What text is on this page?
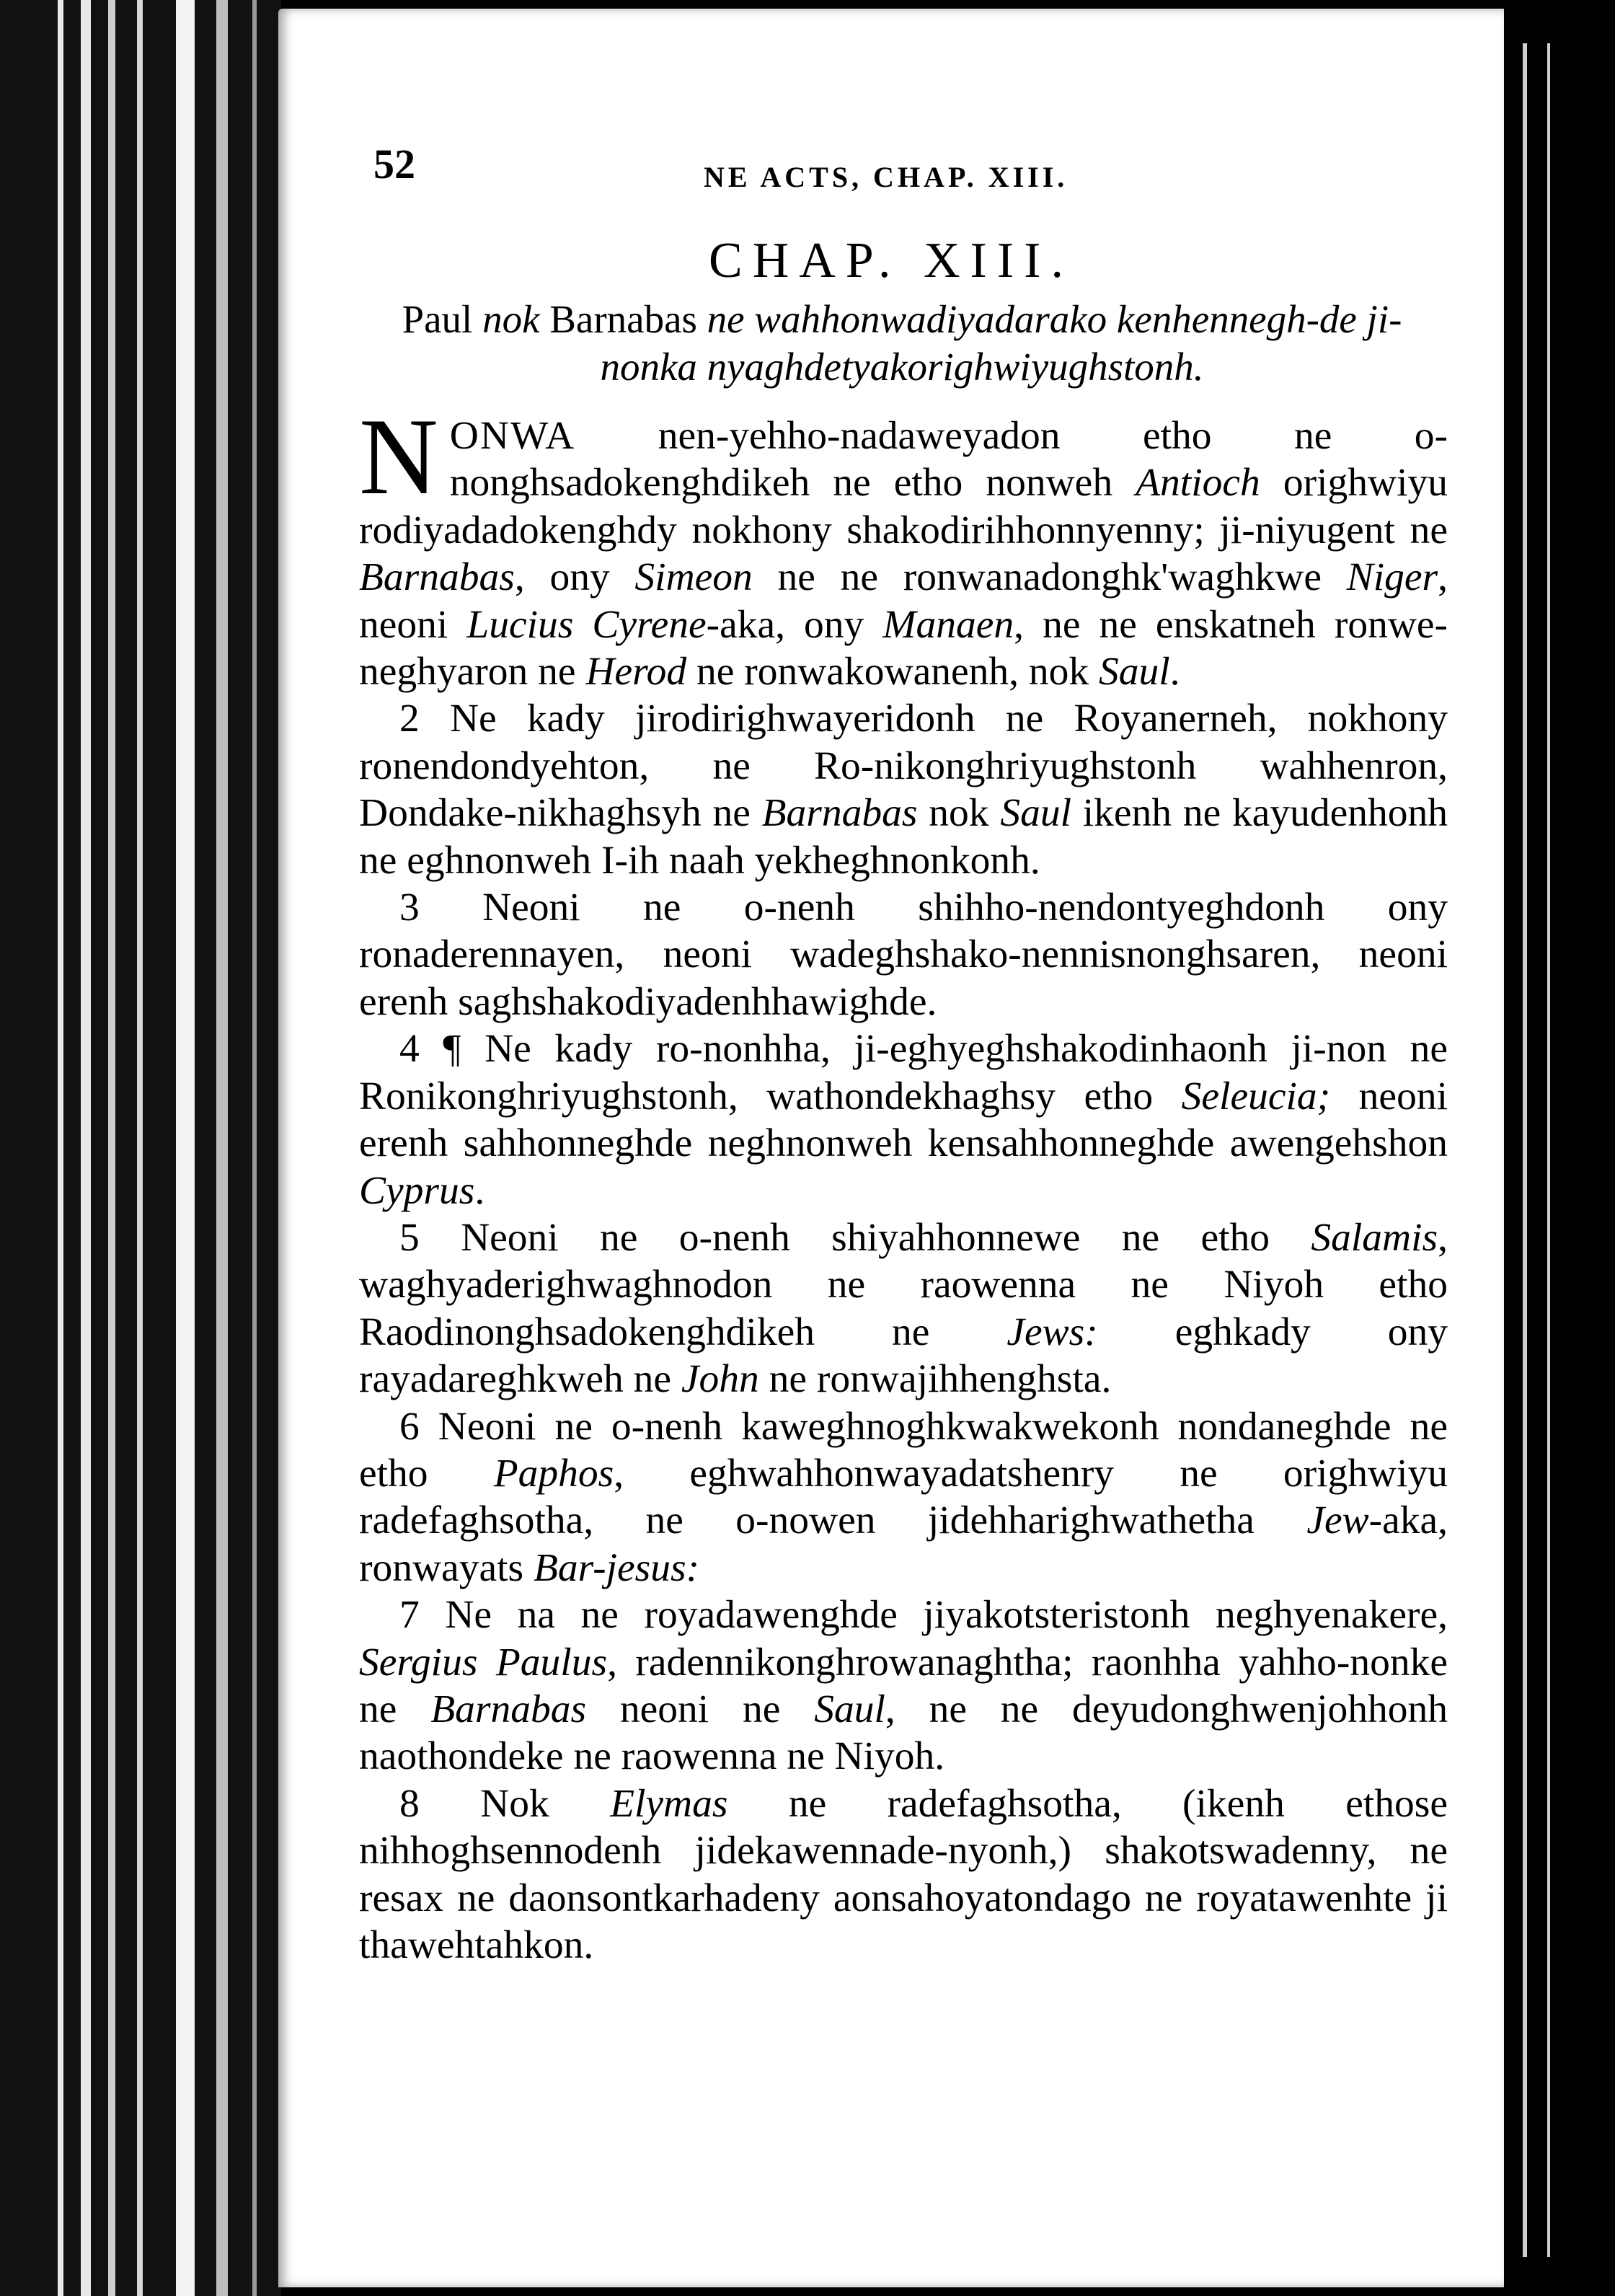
52	NE ACTS, CHAP. XIII.
CHAP. XIII.
Paul nok Barnabas ne wahhonwadiyadarako kenhennegh-de ji-nonka nyaghdetyakorighwiyughstonh.

NONWA nen-yehho-nadaweyadon etho ne o-nonghsadokenghdikeh ne etho nonweh Antioch orighwiyu rodiyadadokenghdy nokhony shakodirihhonnyenny; ji-niyugent ne Barnabas, ony Simeon ne ne ronwanadonghk'waghkwe Niger, neoni Lucius Cyrene-aka, ony Manaen, ne ne enskatneh ronwe-neghyaron ne Herod ne ronwakowanenh, nok Saul.

2 Ne kady jirodirighwayeridonh ne Royanerneh, nokhony ronendondyehton, ne Ro-nikonghriyughstonh wahhenron, Dondake-nikhaghsyh ne Barnabas nok Saul ikenh ne kayudenhonh ne eghnonweh I-ih naah yekheghnonkonh.

3 Neoni ne o-nenh shihho-nendontyeghdonh ony ronaderennayen, neoni wadeghshako-nennisnonghsaren, neoni erenh saghshakodiyadenhhawighde.

4 ¶ Ne kady ro-nonhha, ji-eghyeghshakodinhaonh ji-non ne Ronikonghriyughstonh, wathondekhaghsy etho Seleucia; neoni erenh sahhonneghde neghnonweh kensahhonneghde awengehshon Cyprus.

5 Neoni ne o-nenh shiyahhonnewe ne etho Salamis, waghyaderighwaghnodon ne raowenna ne Niyoh etho Raodinonghsadokenghdikeh ne Jews: eghkady ony rayadareghkweh ne John ne ronwajihhenghsta.

6 Neoni ne o-nenh kaweghnoghkwakwekonh nondaneghde ne etho Paphos, eghwahhonwayadatshenry ne orighwiyu radefaghsotha, ne o-nowen jidehharighwathetha Jew-aka, ronwayats Bar-jesus:

7 Ne na ne royadawenghde jiyakotsteristonh neghyenakere, Sergius Paulus, radennikonghrowanaghtha; raonhha yahho-nonke ne Barnabas neoni ne Saul, ne ne deyudonghwenjohhonh naothondeke ne raowenna ne Niyoh.

8 Nok Elymas ne radefaghsotha, (ikenh ethose nihhoghsennodenh jidekawennade-nyonh,) shakotswadenny, ne resax ne daonsontkarhadeny aonsahoyatondago ne royatawenhte ji thawehtahkon.
